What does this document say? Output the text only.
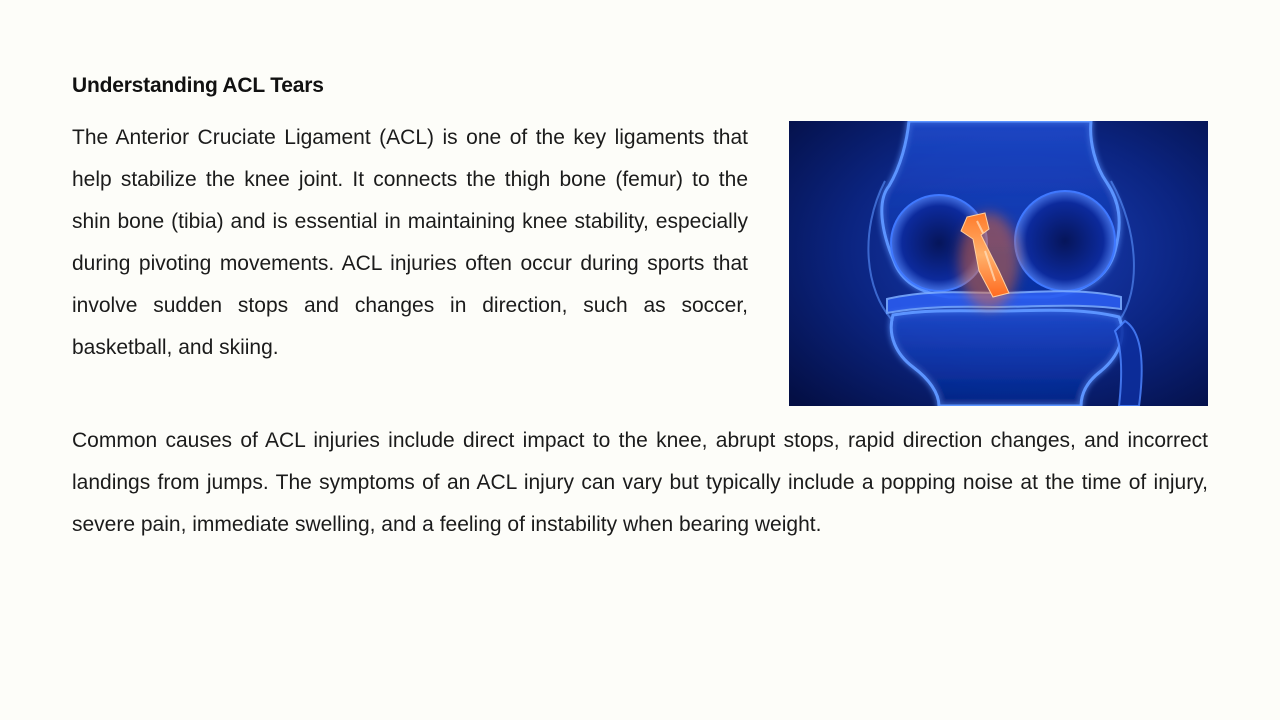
Understanding ACL Tears

The Anterior Cruciate Ligament (ACL) is one of the key ligaments that help stabilize the knee joint. It connects the thigh bone (femur) to the shin bone (tibia) and is essential in maintaining knee stability, especially during pivoting movements. ACL injuries often occur during sports that involve sudden stops and changes in direction, such as soccer, basketball, and skiing.

Common causes of ACL injuries include direct impact to the knee, abrupt stops, rapid direction changes, and incorrect landings from jumps. The symptoms of an ACL injury can vary but typically include a popping noise at the time of injury, severe pain, immediate swelling, and a feeling of instability when bearing weight.
